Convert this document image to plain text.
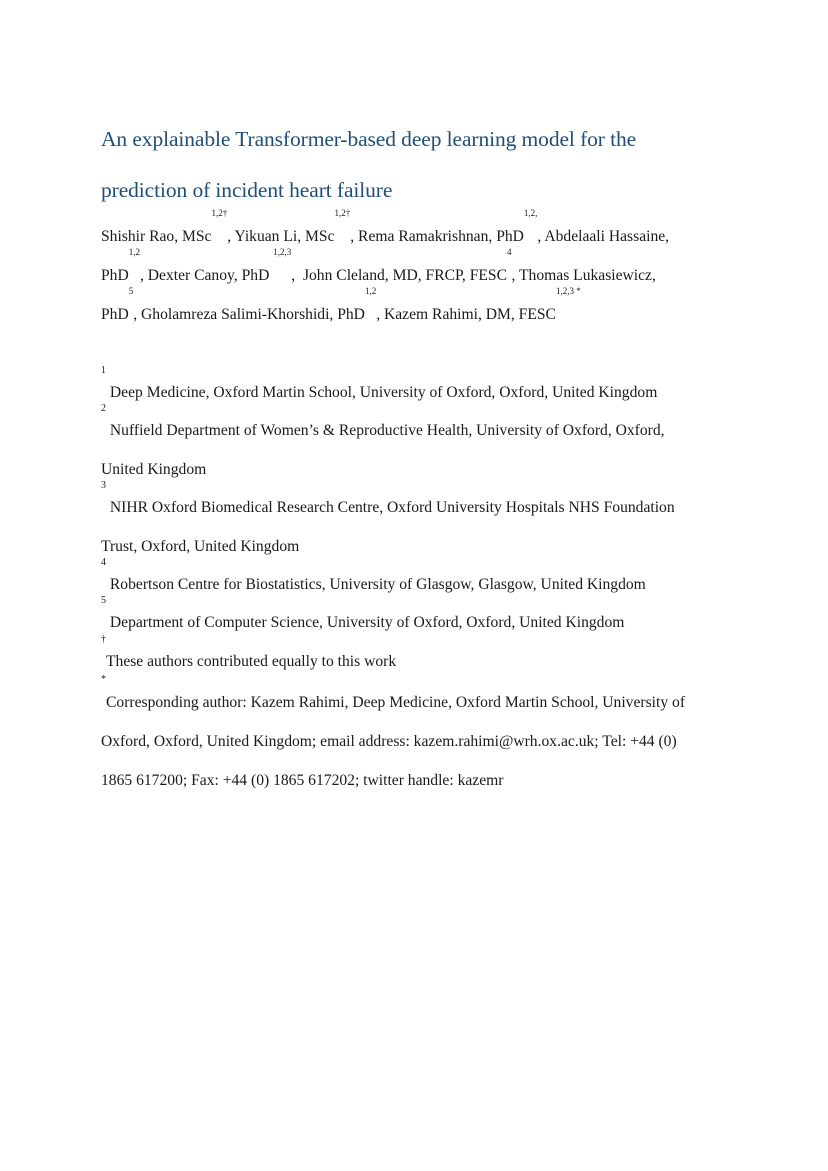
An explainable Transformer-based deep learning model for the
prediction of incident heart failure

Shishir Rao, MSc$^{1,2\dagger}$, Yikuan Li, MSc$^{1,2\dagger}$, Rema Ramakrishnan, PhD$^{1,2,}$, Abdelaali Hassaine,
PhD$^{1,2}$, Dexter Canoy, PhD $^{1,2,3}$,  John Cleland, MD, FRCP, FESC$^4$, Thomas Lukasiewicz,
PhD$^5$, Gholamreza Salimi-Khorshidi, PhD$^{1,2}$, Kazem Rahimi, DM, $FESC^{1,2,3 *}$

$^1$ Deep Medicine, Oxford Martin School, University of Oxford, Oxford, United Kingdom
$^2$ Nuffield Department of Women’s & Reproductive Health, University of Oxford, Oxford,
United Kingdom
$^3$ NIHR Oxford Biomedical Research Centre, Oxford University Hospitals NHS Foundation
Trust, Oxford, United Kingdom
$^4$ Robertson Centre for Biostatistics, University of Glasgow, Glasgow, United Kingdom
$^5$ Department of Computer Science, University of Oxford, Oxford, United Kingdom
†These authors contributed equally to this work

*Corresponding author: Kazem Rahimi, Deep Medicine, Oxford Martin School, University of
Oxford, Oxford, United Kingdom; email address: kazem.rahimi@wrh.ox.ac.uk; Tel: +44 (0)
1865 617200; Fax: +44 (0) 1865 617202; twitter handle: kazemr
